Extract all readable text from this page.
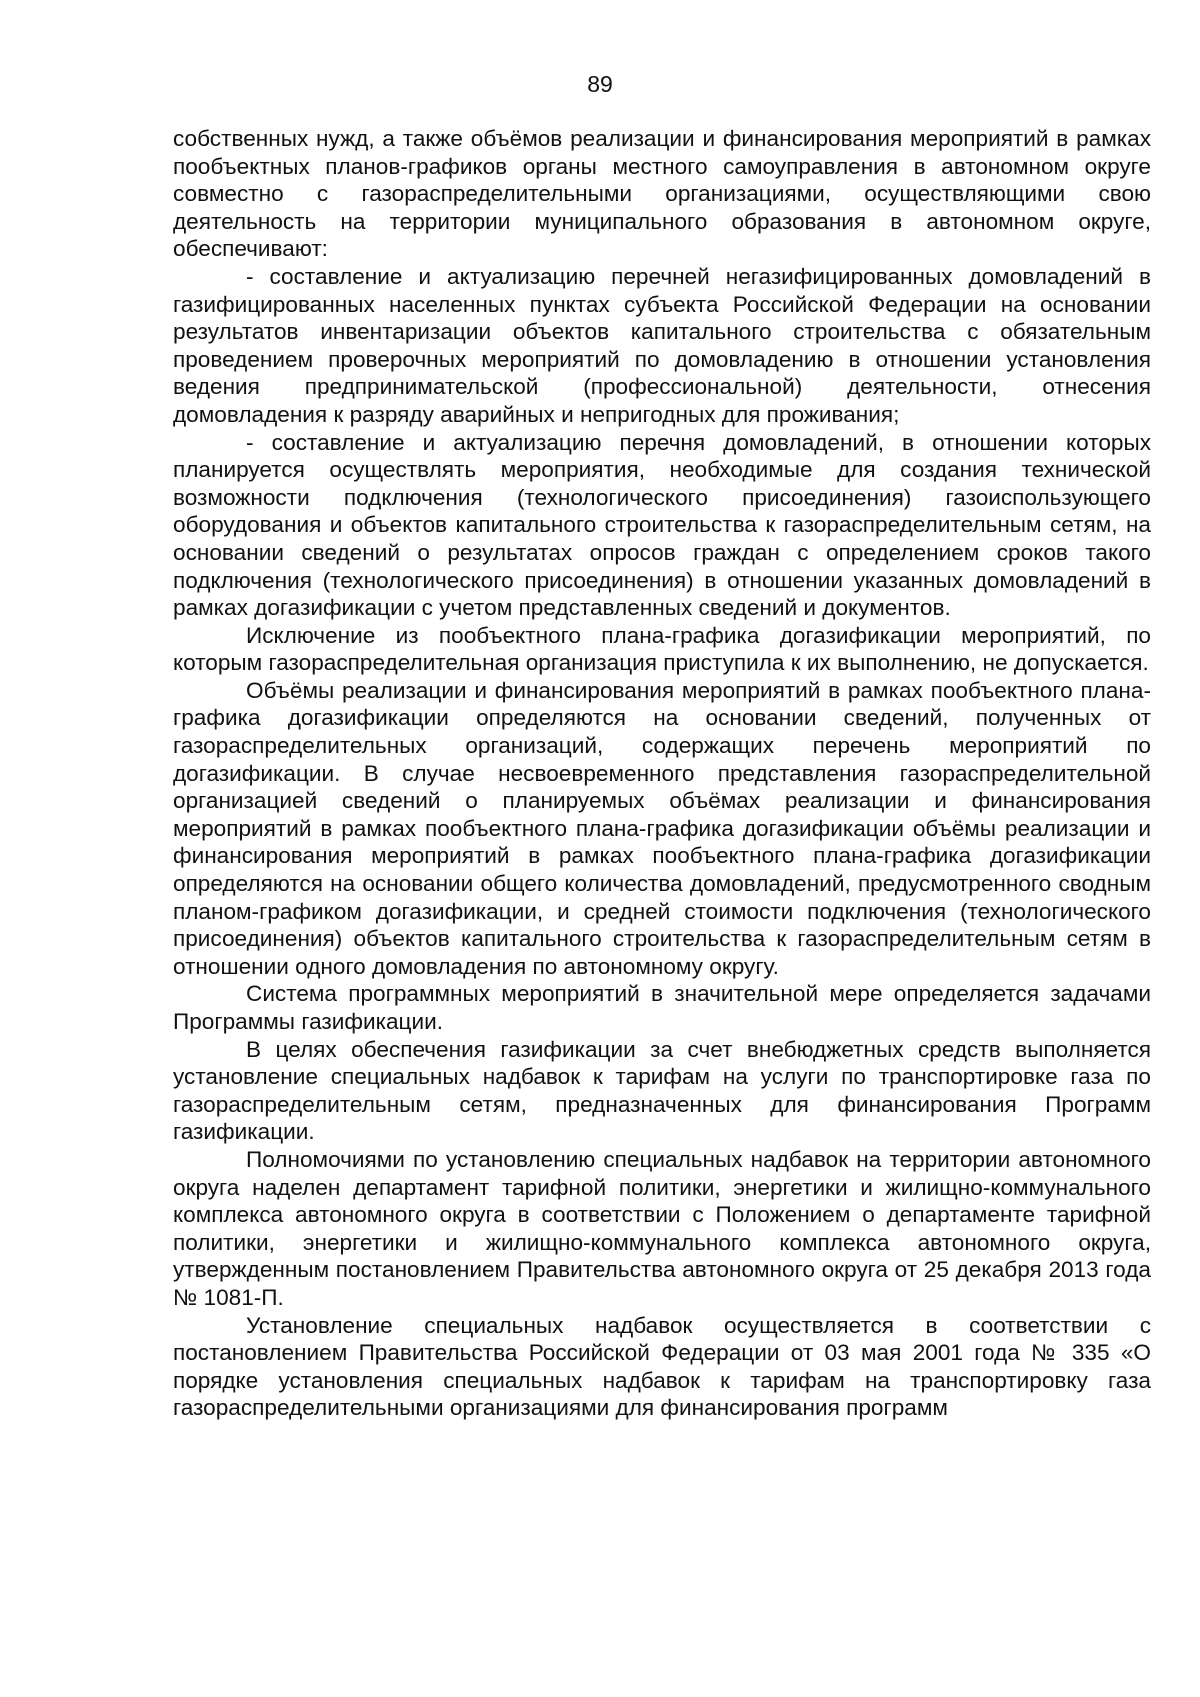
89

собственных нужд, а также объёмов реализации и финансирования мероприятий в рамках пообъектных планов-графиков органы местного самоуправления в автономном округе совместно с газораспределительными организациями, осуществляющими свою деятельность на территории муниципального образования в автономном округе, обеспечивают:

- составление и актуализацию перечней негазифицированных домовладений в газифицированных населенных пунктах субъекта Российской Федерации на основании результатов инвентаризации объектов капитального строительства с обязательным проведением проверочных мероприятий по домовладению в отношении установления ведения предпринимательской (профессиональной) деятельности, отнесения домовладения к разряду аварийных и непригодных для проживания;

- составление и актуализацию перечня домовладений, в отношении которых планируется осуществлять мероприятия, необходимые для создания технической возможности подключения (технологического присоединения) газоиспользующего оборудования и объектов капитального строительства к газораспределительным сетям, на основании сведений о результатах опросов граждан с определением сроков такого подключения (технологического присоединения) в отношении указанных домовладений в рамках догазификации с учетом представленных сведений и документов.

Исключение из пообъектного плана-графика догазификации мероприятий, по которым газораспределительная организация приступила к их выполнению, не допускается.

Объёмы реализации и финансирования мероприятий в рамках пообъектного плана-графика догазификации определяются на основании сведений, полученных от газораспределительных организаций, содержащих перечень мероприятий по догазификации. В случае несвоевременного представления газораспределительной организацией сведений о планируемых объёмах реализации и финансирования мероприятий в рамках пообъектного плана-графика догазификации объёмы реализации и финансирования мероприятий в рамках пообъектного плана-графика догазификации определяются на основании общего количества домовладений, предусмотренного сводным планом-графиком догазификации, и средней стоимости подключения (технологического присоединения) объектов капитального строительства к газораспределительным сетям в отношении одного домовладения по автономному округу.

Система программных мероприятий в значительной мере определяется задачами Программы газификации.

В целях обеспечения газификации за счет внебюджетных средств выполняется установление специальных надбавок к тарифам на услуги по транспортировке газа по газораспределительным сетям, предназначенных для финансирования Программ газификации.

Полномочиями по установлению специальных надбавок на территории автономного округа наделен департамент тарифной политики, энергетики и жилищно-коммунального комплекса автономного округа в соответствии с Положением о департаменте тарифной политики, энергетики и жилищно-коммунального комплекса автономного округа, утвержденным постановлением Правительства автономного округа от 25 декабря 2013 года № 1081-П.

Установление специальных надбавок осуществляется в соответствии с постановлением Правительства Российской Федерации от 03 мая 2001 года № 335 «О порядке установления специальных надбавок к тарифам на транспортировку газа газораспределительными организациями для финансирования программ
